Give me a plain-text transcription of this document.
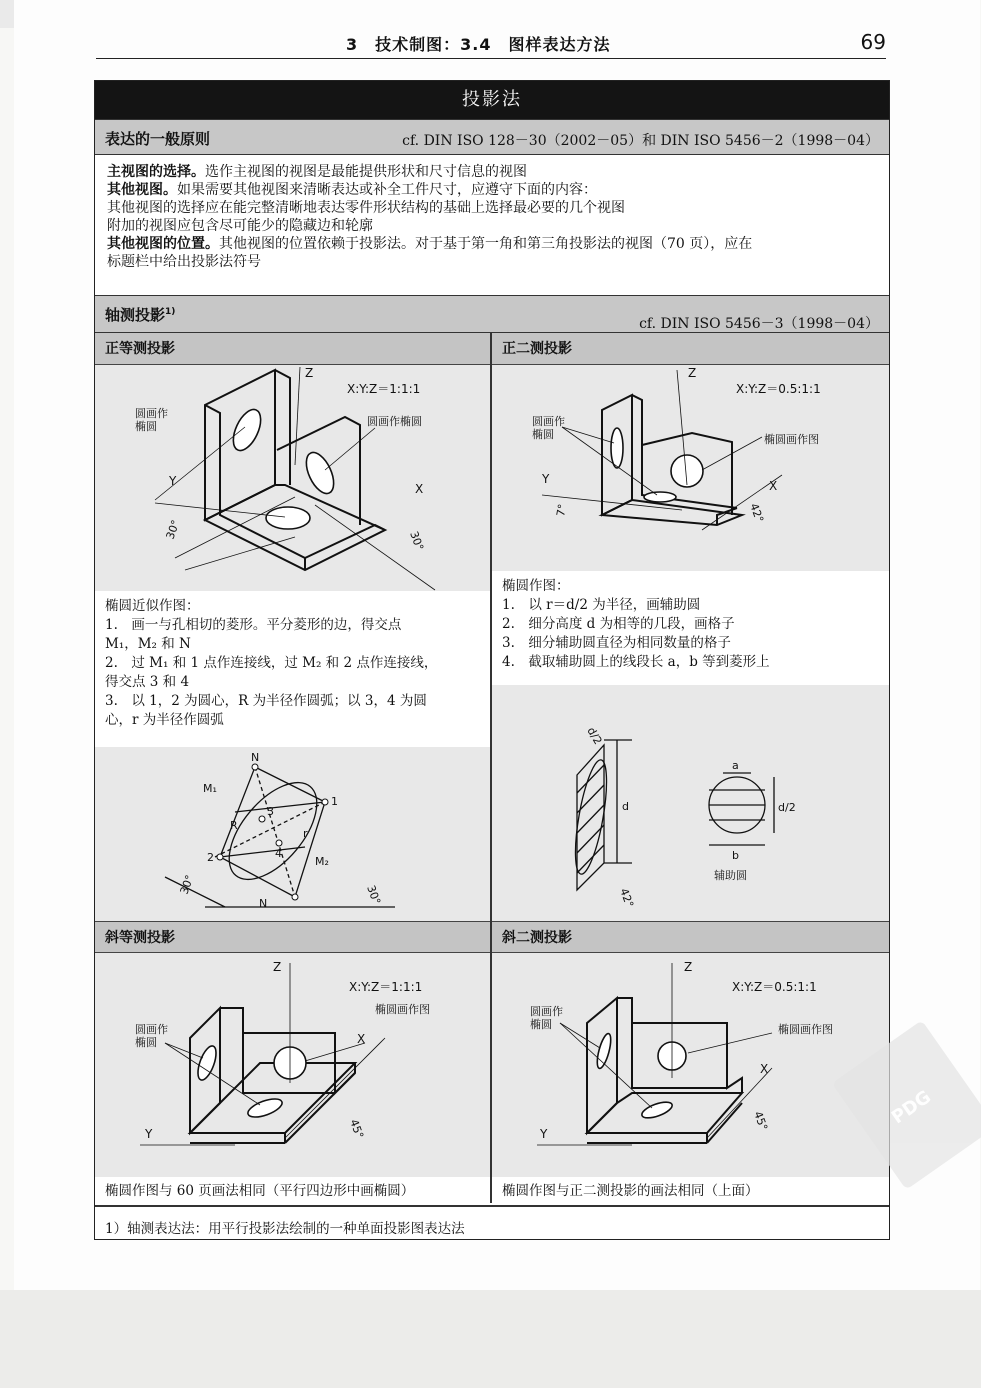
3　技术制图：3.4　图样表达方法	69
投影法
表达的一般原则	cf. DIN ISO 128－30（2002－05）和 DIN ISO 5456－2（1998－04）
主视图的选择。选作主视图的视图是最能提供形状和尺寸信息的视图
其他视图。如果需要其他视图来清晰表达或补全工件尺寸，应遵守下面的内容：
其他视图的选择应在能完整清晰地表达零件形状结构的基础上选择最必要的几个视图
附加的视图应包含尽可能少的隐藏边和轮廓
其他视图的位置。其他视图的位置依赖于投影法。对于基于第一角和第三角投影法的视图（70 页），应在
标题栏中给出投影法符号
轴测投影$^{1)}$
cf. DIN ISO 5456－3（1998－04）
正等测投影
Z
X
Y
X:Y:Z＝1:1:1
圆画作椭圆	圆画作椭圆
30°	30°
椭圆近似作图：
1.　画一与孔相切的菱形。平分菱形的边，得交点
M₁，M₂ 和 N
2.　过 M₁ 和 1 点作连接线，过 M₂ 和 2 点作连接线，
得交点 3 和 4
3.　以 1，2 为圆心，R 为半径作圆弧；以 3，4 为圆
心，r 为半径作圆弧
N
N
M₁
M₂
1
2
3
4
R
r
30°	30°
正二测投影
Z
X
Y
X:Y:Z＝0.5:1:1
圆画作椭圆	椭圆画作图
7°	42°
椭圆作图：
1.　以 r＝d/2 为半径，画辅助圆
2.　细分高度 d 为相等的几段，画格子
3.　细分辅助圆直径为相同数量的格子
4.　截取辅助圆上的线段长 a，b 等到菱形上
d/2
d
a
b
d/2
42°
辅助圆
斜等测投影
Z
X
Y
X:Y:Z＝1:1:1
圆画作椭圆
椭圆画作图
45°
椭圆作图与 60 页画法相同（平行四边形中画椭圆）
斜二测投影
Z
X
Y
X:Y:Z＝0.5:1:1
圆画作椭圆	椭圆画作图
45°
椭圆作图与正二测投影的画法相同（上面）
1）轴测表达法：用平行投影法绘制的一种单面投影图表达法
PDG
